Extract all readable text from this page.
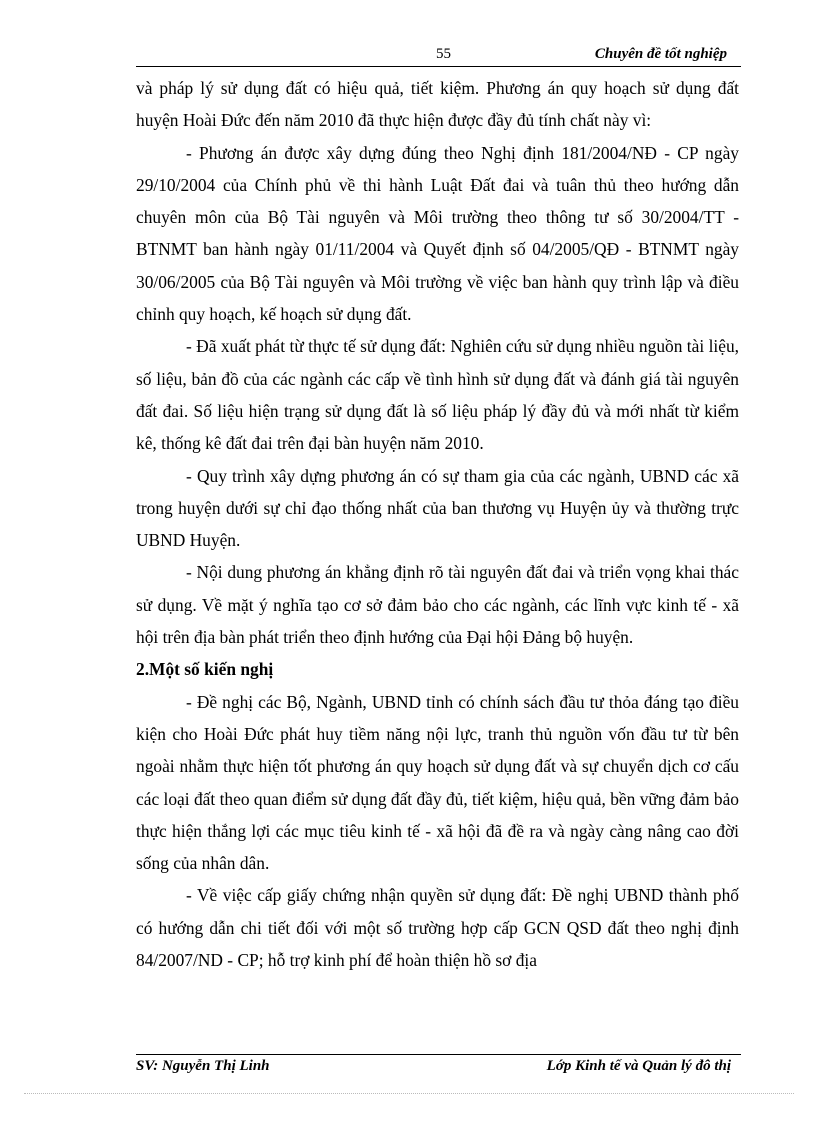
55	Chuyên đề tốt nghiệp

và pháp lý sử dụng đất có hiệu quả, tiết kiệm. Phương án quy hoạch sử dụng đất huyện Hoài Đức đến năm 2010 đã thực hiện được đầy đủ tính chất này vì:

- Phương án được xây dựng đúng theo Nghị định 181/2004/NĐ - CP ngày 29/10/2004 của Chính phủ về thi hành Luật Đất đai và tuân thủ theo hướng dẫn chuyên môn của Bộ Tài nguyên và Môi trường theo thông tư số 30/2004/TT - BTNMT ban hành ngày 01/11/2004 và Quyết định số 04/2005/QĐ - BTNMT ngày 30/06/2005 của Bộ Tài nguyên và Môi trường về việc ban hành quy trình lập và điều chỉnh quy hoạch, kế hoạch sử dụng đất.

- Đã xuất phát từ thực tế sử dụng đất: Nghiên cứu sử dụng nhiều nguồn tài liệu, số liệu, bản đồ của các ngành các cấp về tình hình sử dụng đất và đánh giá tài nguyên đất đai. Số liệu hiện trạng sử dụng đất là số liệu pháp lý đầy đủ và mới nhất từ kiểm kê, thống kê đất đai trên đại bàn huyện năm 2010.

- Quy trình xây dựng phương án có sự tham gia của các ngành, UBND các xã trong huyện dưới sự chỉ đạo thống nhất của ban thương vụ Huyện ủy và thường trực UBND Huyện.

- Nội dung phương án khẳng định rõ tài nguyên đất đai và triển vọng khai thác sử dụng. Về mặt ý nghĩa tạo cơ sở đảm bảo cho các ngành, các lĩnh vực kinh tế - xã hội trên địa bàn phát triển theo định hướng của Đại hội Đảng bộ huyện.

2.Một số kiến nghị

- Đề nghị các Bộ, Ngành, UBND tỉnh có chính sách đầu tư thỏa đáng tạo điều kiện cho Hoài Đức phát huy tiềm năng nội lực, tranh thủ nguồn vốn đầu tư từ bên ngoài nhằm thực hiện tốt phương án quy hoạch sử dụng đất và sự chuyển dịch cơ cấu các loại đất theo quan điểm sử dụng đất đầy đủ, tiết kiệm, hiệu quả, bền vững đảm bảo thực hiện thắng lợi các mục tiêu kinh tế - xã hội đã đề ra và ngày càng nâng cao đời sống của nhân dân.

- Về việc cấp giấy chứng nhận quyền sử dụng đất: Đề nghị UBND thành phố có hướng dẫn chi tiết đối với một số trường hợp cấp GCN QSD đất theo nghị định 84/2007/ND - CP; hỗ trợ kinh phí để hoàn thiện hồ sơ địa

SV: Nguyễn Thị Linh	Lớp Kinh tế và Quản lý đô thị
